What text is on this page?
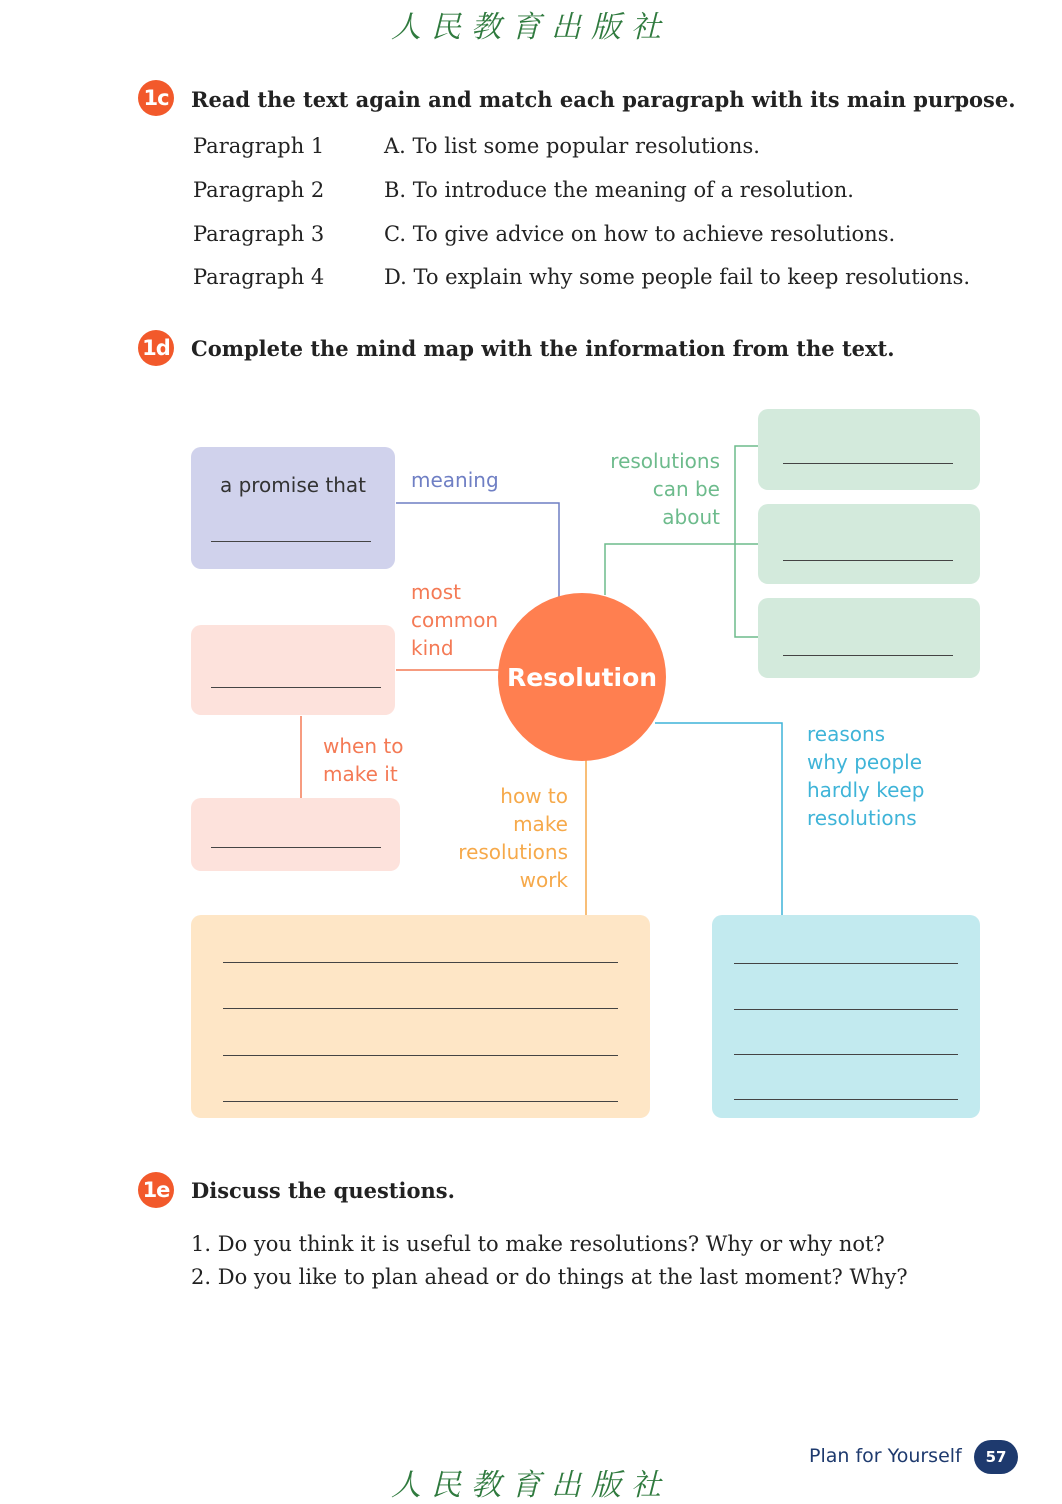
人民教育出版社
1c Read the text again and match each paragraph with its main purpose.
Paragraph 1
Paragraph 2
Paragraph 3
Paragraph 4
A. To list some popular resolutions.
B. To introduce the meaning of a resolution.
C. To give advice on how to achieve resolutions.
D. To explain why some people fail to keep resolutions.
1d Complete the mind map with the information from the text.
a promise that	meaning
resolutions
can be
about
most
common
kind
when to
make it
Resolution
how to
make
resolutions
work
reasons
why people
hardly keep
resolutions
1e Discuss the questions.
1. Do you think it is useful to make resolutions? Why or why not?
2. Do you like to plan ahead or do things at the last moment? Why?
Plan for Yourself	57
人民教育出版社
